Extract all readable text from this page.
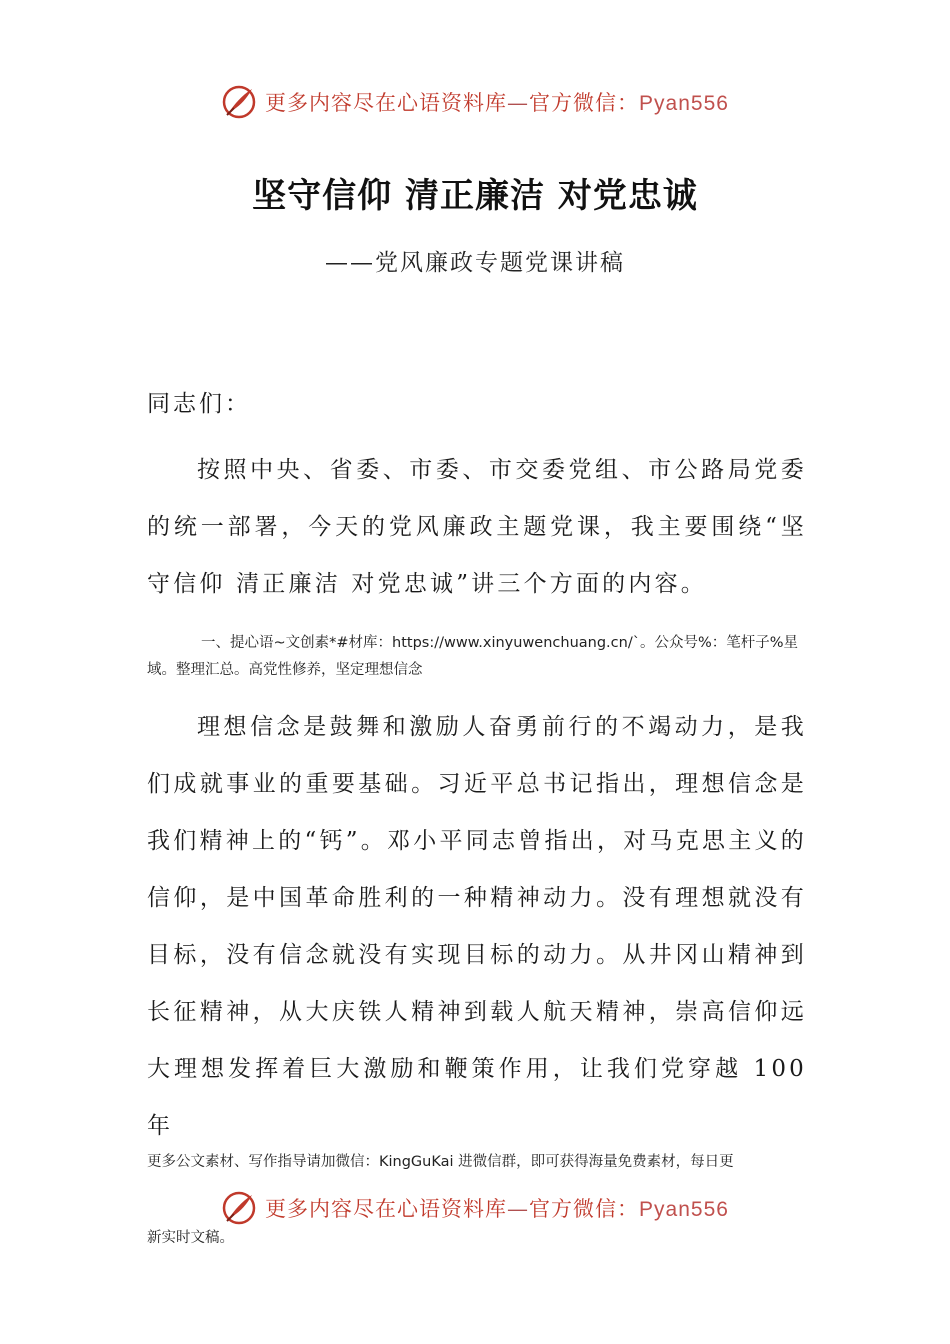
更多内容尽在心语资料库—官方微信：Pyan556
坚守信仰 清正廉洁 对党忠诚
——党风廉政专题党课讲稿
同志们：
按照中央、省委、市委、市交委党组、市公路局党委的统一部署，今天的党风廉政主题党课，我主要围绕“坚守信仰 清正廉洁 对党忠诚”讲三个方面的内容。
一、提心语~文创素*#材库：https://www.xinyuwenchuang.cn/`。公众号%：笔杆子%星域。整理汇总。高党性修养，坚定理想信念
理想信念是鼓舞和激励人奋勇前行的不竭动力，是我们成就事业的重要基础。习近平总书记指出，理想信念是我们精神上的“钙”。邓小平同志曾指出，对马克思主义的信仰，是中国革命胜利的一种精神动力。没有理想就没有目标，没有信念就没有实现目标的动力。从井冈山精神到长征精神，从大庆铁人精神到载人航天精神，崇高信仰远大理想发挥着巨大激励和鞭策作用，让我们党穿越 100 年
更多公文素材、写作指导请加微信：KingGuKai 进微信群，即可获得海量免费素材，每日更
更多内容尽在心语资料库—官方微信：Pyan556
新实时文稿。
